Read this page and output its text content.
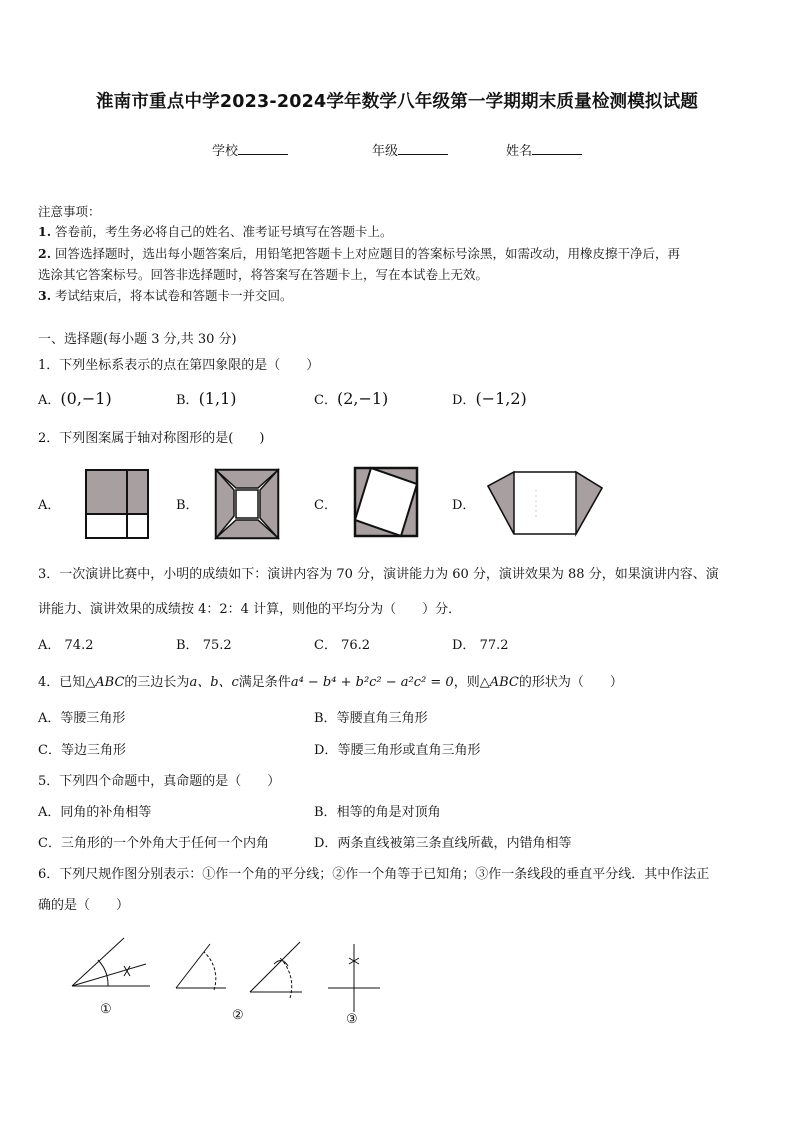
淮南市重点中学2023-2024学年数学八年级第一学期期末质量检测模拟试题
学校	年级	姓名
注意事项：
1. 答卷前，考生务必将自己的姓名、准考证号填写在答题卡上。
2. 回答选择题时，选出每小题答案后，用铅笔把答题卡上对应题目的答案标号涂黑，如需改动，用橡皮擦干净后，再
选涂其它答案标号。回答非选择题时，将答案写在答题卡上，写在本试卷上无效。
3. 考试结束后，将本试卷和答题卡一并交回。
一、选择题(每小题 3 分,共 30 分)
1．下列坐标系表示的点在第四象限的是（　　）
A．(0,−1)	B．(1,1)	C．(2,−1)	D．(−1,2)
2．下列图案属于轴对称图形的是(　　)
A．	B．	C．	D．
3．一次演讲比赛中，小明的成绩如下：演讲内容为 70 分，演讲能力为 60 分，演讲效果为 88 分，如果演讲内容、演
讲能力、演讲效果的成绩按 4：2：4 计算，则他的平均分为（　　）分．
A． 74.2	B． 75.2	C． 76.2	D． 77.2
4．已知△ABC的三边长为a、b、c满足条件a⁴ − b⁴ + b²c² − a²c² = 0，则△ABC的形状为（　　）
A．等腰三角形	B．等腰直角三角形
C．等边三角形	D．等腰三角形或直角三角形
5．下列四个命题中，真命题的是（　　）
A．同角的补角相等	B．相等的角是对顶角
C．三角形的一个外角大于任何一个内角	D．两条直线被第三条直线所截，内错角相等
6．下列尺规作图分别表示：①作一个角的平分线；②作一个角等于已知角；③作一条线段的垂直平分线．其中作法正
确的是（　　）
①	②	③
